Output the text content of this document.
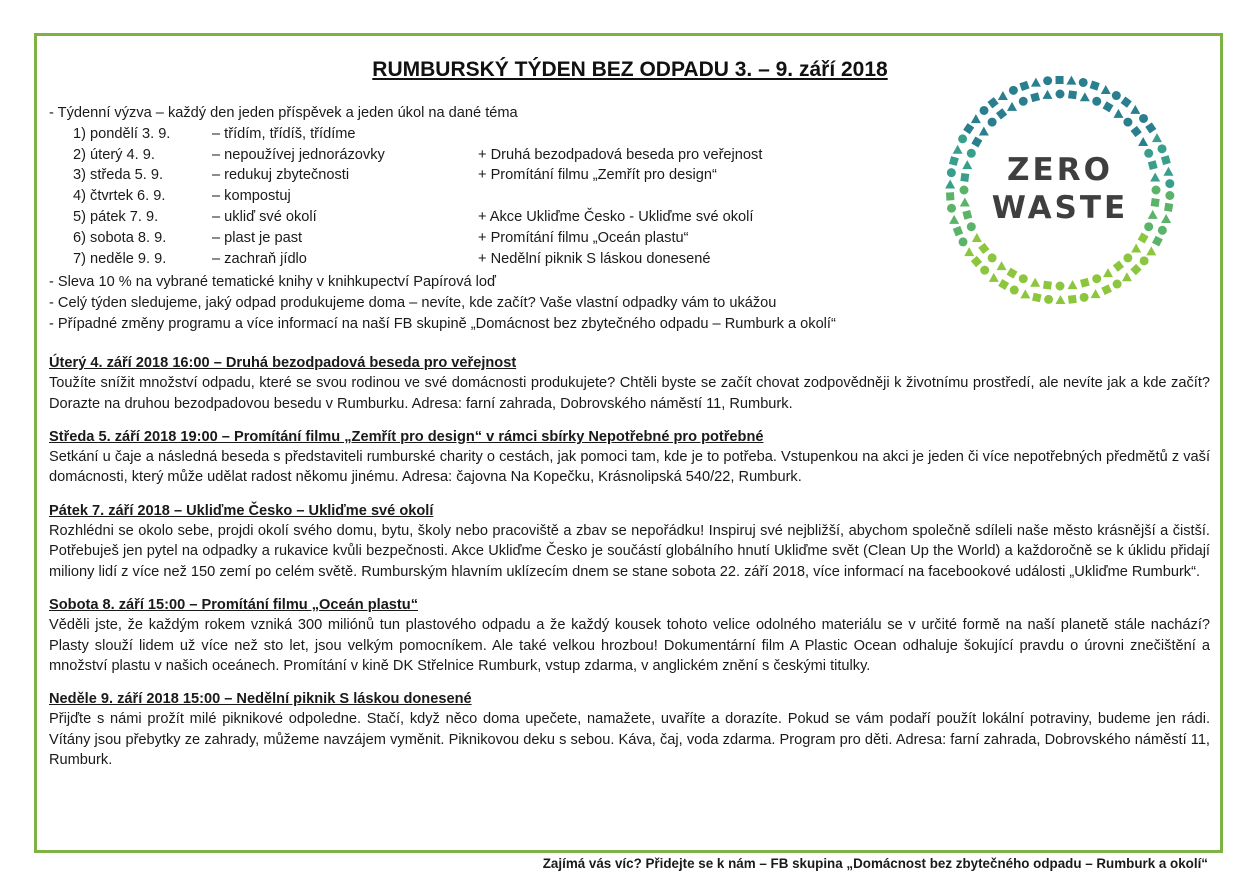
RUMBURSKÝ TÝDEN BEZ ODPADU 3. – 9. září 2018
- Týdenní výzva – každý den jeden příspěvek a jeden úkol na dané téma
1) pondělí 3. 9.	– třídím, třídíš, třídíme
2) úterý 4. 9.	– nepoužívej jednorázovky	+ Druhá bezodpadová beseda pro veřejnost
3) středa 5. 9.	– redukuj zbytečnosti	+ Promítání filmu „Zemřít pro design“
4) čtvrtek 6. 9.	– kompostuj
5) pátek 7. 9.	– ukliď své okolí	+ Akce Ukliďme Česko - Ukliďme své okolí
6) sobota 8. 9.	– plast je past	+ Promítání filmu „Oceán plastu“
7) neděle 9. 9.	– zachraň jídlo	+ Nedělní piknik S láskou donesené
- Sleva 10 % na vybrané tematické knihy v knihkupectví Papírová loď
- Celý týden sledujeme, jaký odpad produkujeme doma – nevíte, kde začít? Vaše vlastní odpadky vám to ukážou
- Případné změny programu a více informací na naší FB skupině „Domácnost bez zbytečného odpadu – Rumburk a okolí“
ZERO
WASTE
Úterý 4. září 2018 16:00 – Druhá bezodpadová beseda pro veřejnost

Toužíte snížit množství odpadu, které se svou rodinou ve své domácnosti produkujete? Chtěli byste se začít chovat zodpovědněji k životnímu prostředí, ale nevíte jak a kde začít? Dorazte na druhou bezodpadovou besedu v Rumburku. Adresa: farní zahrada, Dobrovského náměstí 11, Rumburk.

Středa 5. září 2018 19:00 – Promítání filmu „Zemřít pro design“ v rámci sbírky Nepotřebné pro potřebné

Setkání u čaje a následná beseda s představiteli rumburské charity o cestách, jak pomoci tam, kde je to potřeba. Vstupenkou na akci je jeden či více nepotřebných předmětů z vaší domácnosti, který může udělat radost někomu jinému. Adresa: čajovna Na Kopečku, Krásnolipská 540/22, Rumburk.

Pátek 7. září 2018 – Ukliďme Česko – Ukliďme své okolí

Rozhlédni se okolo sebe, projdi okolí svého domu, bytu, školy nebo pracoviště a zbav se nepořádku! Inspiruj své nejbližší, abychom společně sdíleli naše město krásnější a čistší. Potřebuješ jen pytel na odpadky a rukavice kvůli bezpečnosti. Akce Ukliďme Česko je součástí globálního hnutí Ukliďme svět (Clean Up the World) a každoročně se k úklidu přidají miliony lidí z více než 150 zemí po celém světě. Rumburským hlavním uklízecím dnem se stane sobota 22. září 2018, více informací na facebookové události „Ukliďme Rumburk“.

Sobota 8. září 15:00 – Promítání filmu „Oceán plastu“

Věděli jste, že každým rokem vzniká 300 miliónů tun plastového odpadu a že každý kousek tohoto velice odolného materiálu se v určité formě na naší planetě stále nachází? Plasty slouží lidem už více než sto let, jsou velkým pomocníkem. Ale také velkou hrozbou! Dokumentární film A Plastic Ocean odhaluje šokující pravdu o úrovni znečištění a množství plastu v našich oceánech. Promítání v kině DK Střelnice Rumburk, vstup zdarma, v anglickém znění s českými titulky.

Neděle 9. září 2018 15:00 – Nedělní piknik S láskou donesené

Přijďte s námi prožít milé piknikové odpoledne. Stačí, když něco doma upečete, namažete, uvaříte a dorazíte. Pokud se vám podaří použít lokální potraviny, budeme jen rádi. Vítány jsou přebytky ze zahrady, můžeme navzájem vyměnit. Piknikovou deku s sebou. Káva, čaj, voda zdarma. Program pro děti. Adresa: farní zahrada, Dobrovského náměstí 11, Rumburk.

Zajímá vás víc? Přidejte se k nám – FB skupina „Domácnost bez zbytečného odpadu – Rumburk a okolí“
